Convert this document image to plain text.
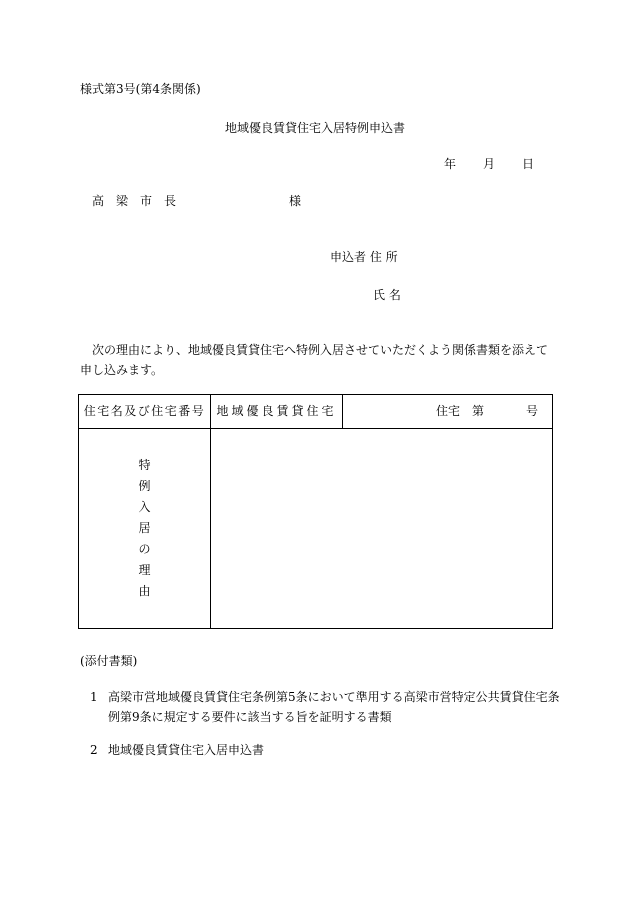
様式第3号(第4条関係)
地域優良賃貸住宅入居特例申込書
年 月 日
高梁市長	様
申込者 住 所
氏 名
次の理由により、地域優良賃貸住宅へ特例入居させていただくよう関係書類を添えて申し込みます。
住宅名及び住宅番号	地域優良賃貸住宅	住宅 第 号
特例入居の理由		
(添付書類)
1 高梁市営地域優良賃貸住宅条例第5条において準用する高梁市営特定公共賃貸住宅条例第9条に規定する要件に該当する旨を証明する書類
2 地域優良賃貸住宅入居申込書
